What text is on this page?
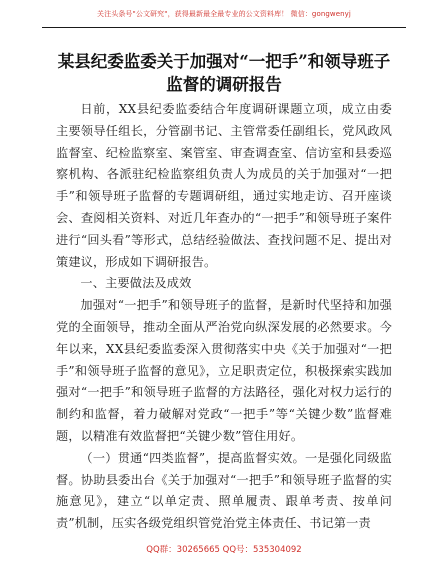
关注头条号"公文研究"，获得最新最全最专业的公文资料库！ 微信：gongwenyj
某县纪委监委关于加强对“一把手”和领导班子监督的调研报告

日前，XX县纪委监委结合年度调研课题立项，成立由委主要领导任组长，分管副书记、主管常委任副组长，党风政风监督室、纪检监察室、案管室、审查调查室、信访室和县委巡察机构、各派驻纪检监察组负责人为成员的关于加强对“一把手”和领导班子监督的专题调研组，通过实地走访、召开座谈会、查阅相关资料、对近几年查办的“一把手”和领导班子案件进行“回头看”等形式，总结经验做法、查找问题不足、提出对策建议，形成如下调研报告。

一、主要做法及成效

加强对“一把手”和领导班子的监督，是新时代坚持和加强党的全面领导，推动全面从严治党向纵深发展的必然要求。今年以来，XX县纪委监委深入贯彻落实中央《关于加强对“一把手”和领导班子监督的意见》，立足职责定位，积极探索实践加强对“一把手”和领导班子监督的方法路径，强化对权力运行的制约和监督，着力破解对党政“一把手”等“关键少数”监督难题，以精准有效监督把“关键少数”管住用好。

（一）贯通“四类监督”，提高监督实效。一是强化同级监督。协助县委出台《关于加强对“一把手”和领导班子监督的实施意见》，建立“以单定责、照单履责、跟单考责、按单问责”机制，压实各级党组织管党治党主体责任、书记第一责

QQ群：30265665 QQ号：535304092
